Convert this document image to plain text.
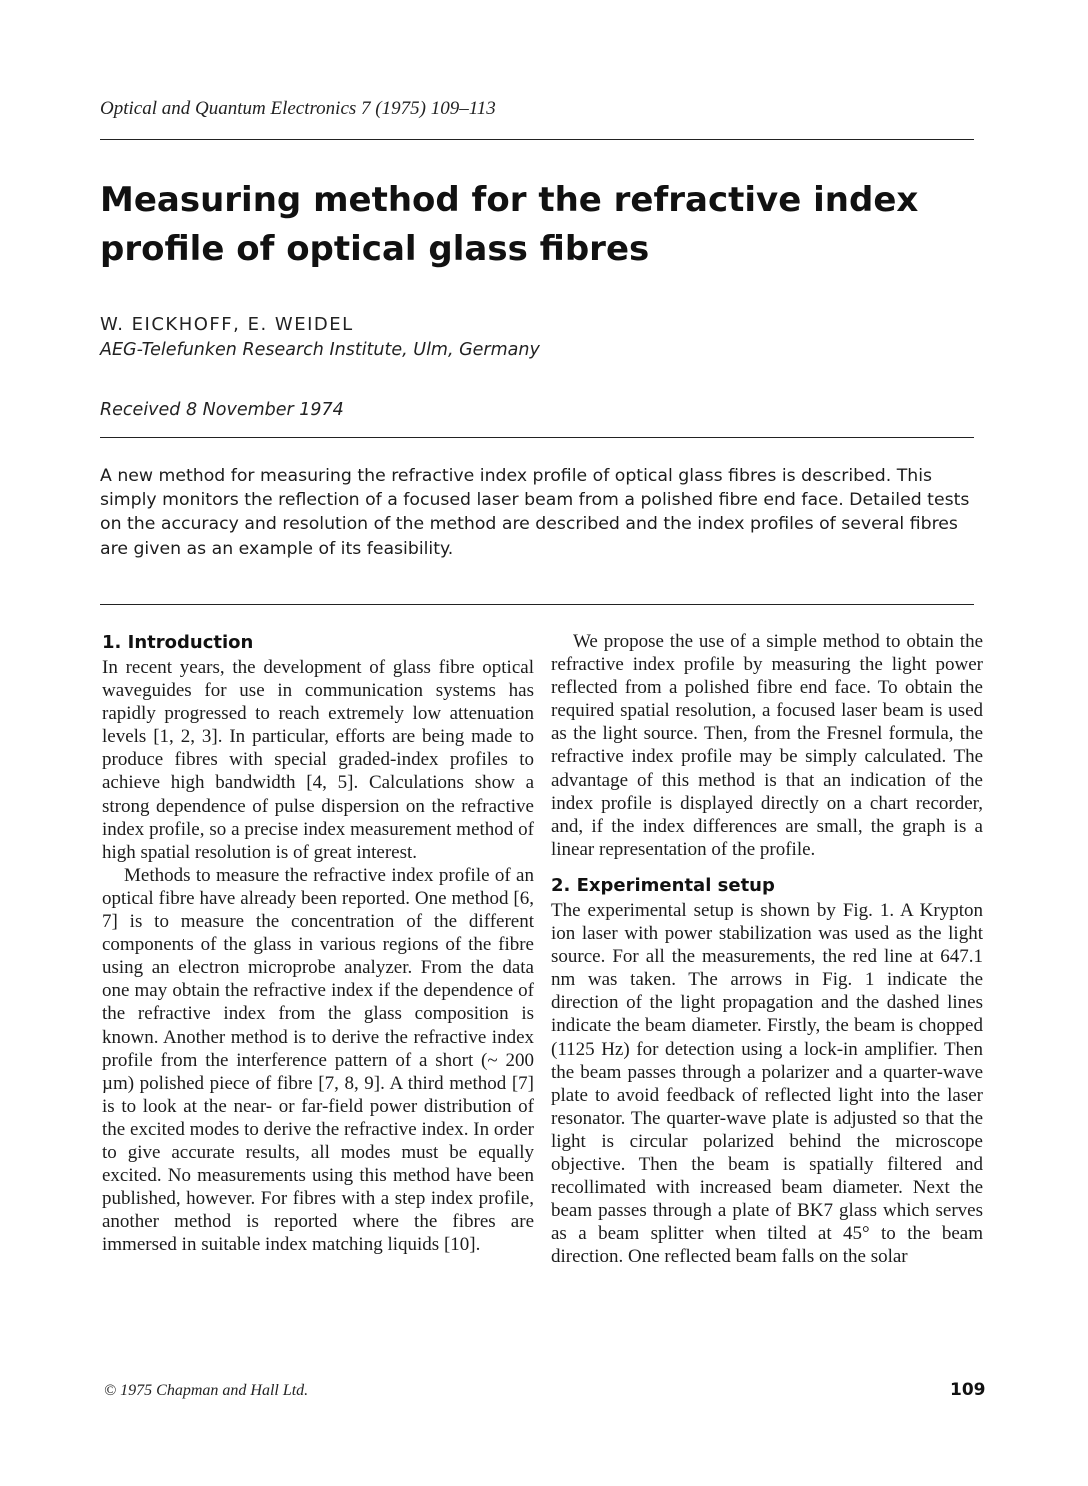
Optical and Quantum Electronics 7 (1975) 109–113
Measuring method for the refractive index profile of optical glass fibres
W. EICKHOFF, E. WEIDEL
AEG-Telefunken Research Institute, Ulm, Germany
Received 8 November 1974

A new method for measuring the refractive index profile of optical glass fibres is described. This simply monitors the reflection of a focused laser beam from a polished fibre end face. Detailed tests on the accuracy and resolution of the method are described and the index profiles of several fibres are given as an example of its feasibility.

1. Introduction

In recent years, the development of glass fibre optical waveguides for use in communication systems has rapidly progressed to reach extremely low attenuation levels [1, 2, 3]. In particular, efforts are being made to produce fibres with special graded-index profiles to achieve high bandwidth [4, 5]. Calculations show a strong dependence of pulse dispersion on the refractive index profile, so a precise index measurement method of high spatial resolution is of great interest.

Methods to measure the refractive index profile of an optical fibre have already been reported. One method [6, 7] is to measure the concentration of the different components of the glass in various regions of the fibre using an electron microprobe analyzer. From the data one may obtain the refractive index if the dependence of the refractive index from the glass composition is known. Another method is to derive the refractive index profile from the interference pattern of a short (~ 200 µm) polished piece of fibre [7, 8, 9]. A third method [7] is to look at the near- or far-field power distribution of the excited modes to derive the refractive index. In order to give accurate results, all modes must be equally excited. No measurements using this method have been published, however. For fibres with a step index profile, another method is reported where the fibres are immersed in suitable index matching liquids [10].

We propose the use of a simple method to obtain the refractive index profile by measuring the light power reflected from a polished fibre end face. To obtain the required spatial resolution, a focused laser beam is used as the light source. Then, from the Fresnel formula, the refractive index profile may be simply calculated. The advantage of this method is that an indication of the index profile is displayed directly on a chart recorder, and, if the index differences are small, the graph is a linear representation of the profile.

2. Experimental setup

The experimental setup is shown by Fig. 1. A Krypton ion laser with power stabilization was used as the light source. For all the measurements, the red line at 647.1 nm was taken. The arrows in Fig. 1 indicate the direction of the light propagation and the dashed lines indicate the beam diameter. Firstly, the beam is chopped (1125 Hz) for detection using a lock-in amplifier. Then the beam passes through a polarizer and a quarter-wave plate to avoid feedback of reflected light into the laser resonator. The quarter-wave plate is adjusted so that the light is circular polarized behind the microscope objective. Then the beam is spatially filtered and recollimated with increased beam diameter. Next the beam passes through a plate of BK7 glass which serves as a beam splitter when tilted at 45° to the beam direction. One reflected beam falls on the solar

© 1975 Chapman and Hall Ltd.	109
